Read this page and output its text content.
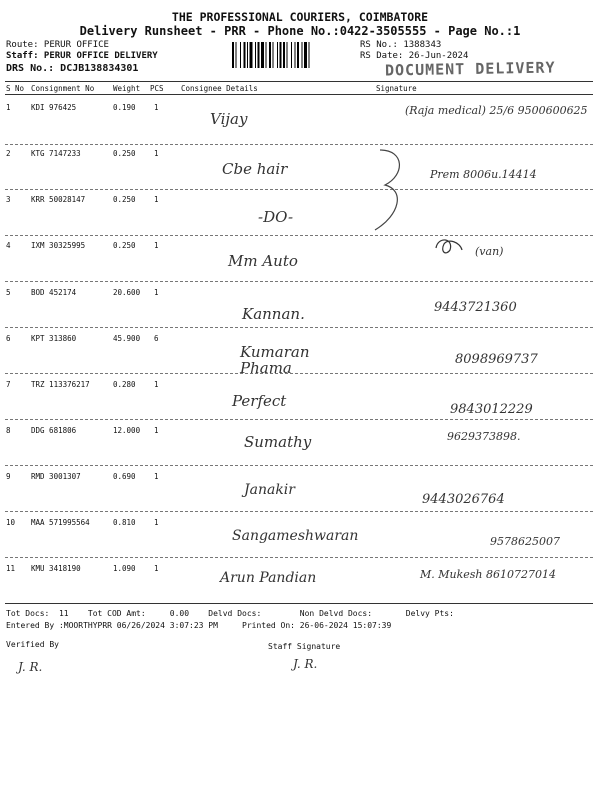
THE PROFESSIONAL COURIERS, COIMBATORE
Delivery Runsheet - PRR - Phone No.:0422-3505555 - Page No.:1
Route: PERUR OFFICE
Staff: PERUR OFFICE DELIVERY
DRS No.: DCJB138834301
RS No.: 1388343
RS Date: 26-Jun-2024
DOCUMENT DELIVERY
S No Consignment No	Weight PCS Consignee Details	Signature
1	KDI 976425	0.190 1
Vijay	(Raja medical) 25/6 9500600625
2	KTG 7147233	0.250 1
Cbe hair	Prem 8006u.14414
3	KRR 50028147	0.250 1
-DO-
4	IXM 30325995	0.250 1
Mm Auto
(van)
5	BOD 452174	20.600 1
Kannan.	9443721360
6	KPT 313860	45.900 6
Kumaran Phama	8098969737
7	TRZ 113376217	0.280 1
Perfect	9843012229
8	DDG 681806	12.000 1
Sumathy	9629373898.
9	RMD 3001307	0.690 1
Janakir
9443026764
10 MAA 571995564	0.810 1
Sangameshwaran	9578625007
11 KMU 3418190	1.090 1
Arun Pandian	M. Mukesh 8610727014
Tot Docs:  11    Tot COD Amt:     0.00    Delvd Docs:        Non Delvd Docs:       Delvy Pts:
Entered By :MOORTHYPRR 06/26/2024 3:07:23 PM     Printed On: 26-06-2024 15:07:39
Verified By	Staff Signature
J. R.	J. R.
